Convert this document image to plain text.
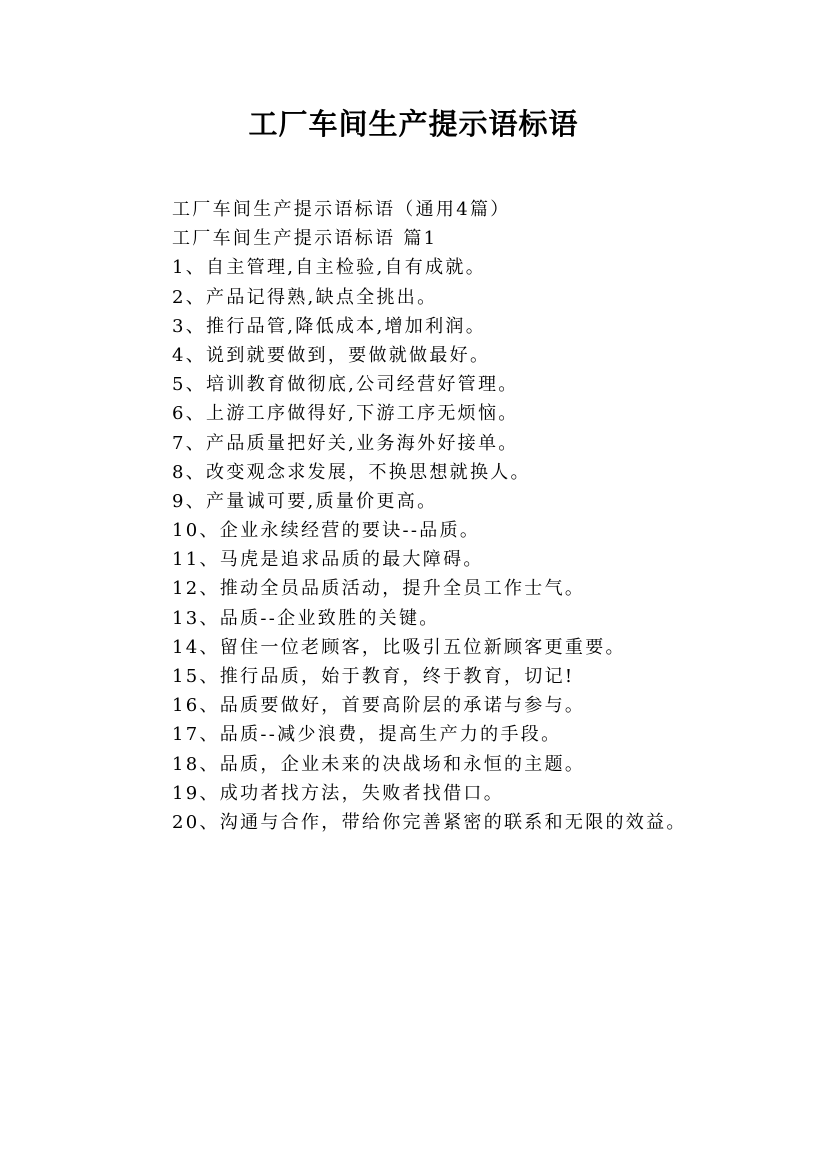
工厂车间生产提示语标语
工厂车间生产提示语标语（通用4篇）
工厂车间生产提示语标语 篇1
1、自主管理,自主检验,自有成就。
2、产品记得熟,缺点全挑出。
3、推行品管,降低成本,增加利润。
4、说到就要做到，要做就做最好。
5、培训教育做彻底,公司经营好管理。
6、上游工序做得好,下游工序无烦恼。
7、产品质量把好关,业务海外好接单。
8、改变观念求发展，不换思想就换人。
9、产量诚可要,质量价更高。
10、企业永续经营的要诀--品质。
11、马虎是追求品质的最大障碍。
12、推动全员品质活动，提升全员工作士气。
13、品质--企业致胜的关键。
14、留住一位老顾客，比吸引五位新顾客更重要。
15、推行品质，始于教育，终于教育，切记!
16、品质要做好，首要高阶层的承诺与参与。
17、品质--减少浪费，提高生产力的手段。
18、品质，企业未来的决战场和永恒的主题。
19、成功者找方法，失败者找借口。
20、沟通与合作，带给你完善紧密的联系和无限的效益。
